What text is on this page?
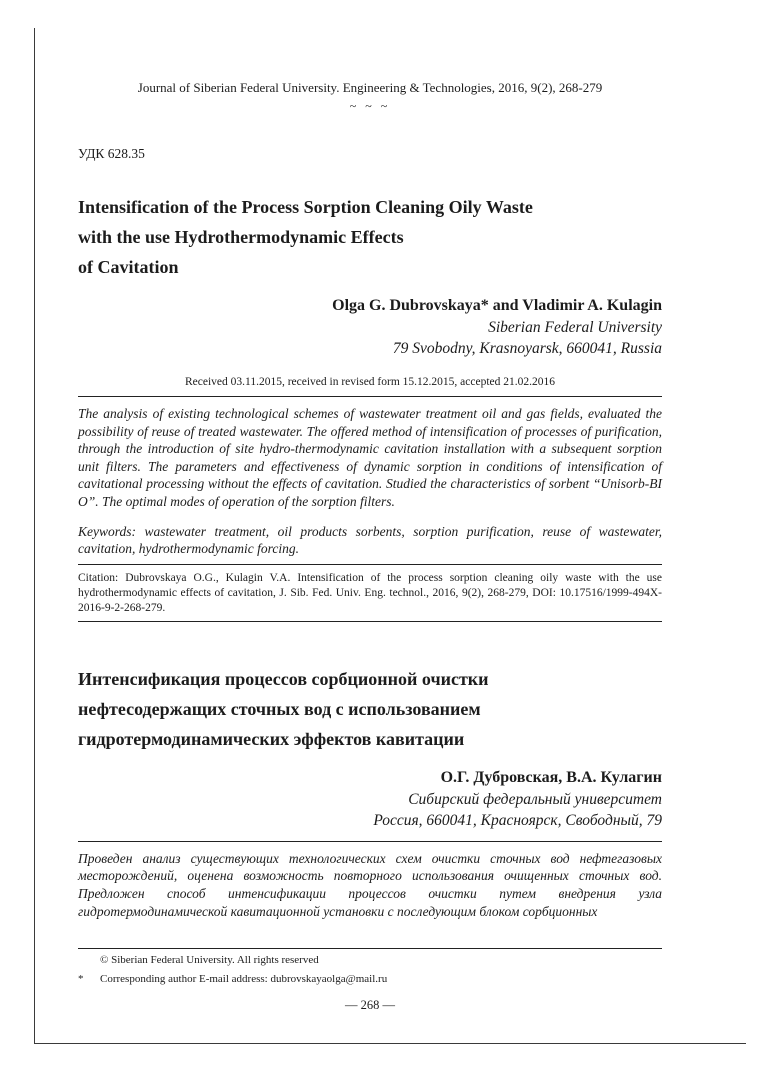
Journal of Siberian Federal University. Engineering & Technologies, 2016, 9(2), 268-279
~ ~ ~
УДК 628.35
Intensification of the Process Sorption Cleaning Oily Waste
with the use Hydrothermodynamic Effects
of Cavitation
Olga G. Dubrovskaya* and Vladimir A. Kulagin
Siberian Federal University
79 Svobodny, Krasnoyarsk, 660041, Russia
Received 03.11.2015, received in revised form 15.12.2015, accepted 21.02.2016
The analysis of existing technological schemes of wastewater treatment oil and gas fields, evaluated the possibility of reuse of treated wastewater. The offered method of intensification of processes of purification, through the introduction of site hydro-thermodynamic cavitation installation with a subsequent sorption unit filters. The parameters and effectiveness of dynamic sorption in conditions of intensification of cavitational processing without the effects of cavitation. Studied the characteristics of sorbent “Unisorb-BI O”. The optimal modes of operation of the sorption filters.
Keywords: wastewater treatment, oil products sorbents, sorption purification, reuse of wastewater, cavitation, hydrothermodynamic forcing.
Citation: Dubrovskaya O.G., Kulagin V.A. Intensification of the process sorption cleaning oily waste with the use hydrothermodynamic effects of cavitation, J. Sib. Fed. Univ. Eng. technol., 2016, 9(2), 268-279, DOI: 10.17516/1999-494X-2016-9-2-268-279.
Интенсификация процессов сорбционной очистки
нефтесодержащих сточных вод с использованием
гидротермодинамических эффектов кавитации
О.Г. Дубровская, В.А. Кулагин
Сибирский федеральный университет
Россия, 660041, Красноярск, Свободный, 79
Проведен анализ существующих технологических схем очистки сточных вод нефтегазовых месторождений, оценена возможность повторного использования очищенных сточных вод. Предложен способ интенсификации процессов очистки путем внедрения узла гидротермодинамической кавитационной установки с последующим блоком сорбционных
© Siberian Federal University. All rights reserved
* Corresponding author E-mail address: dubrovskayaolga@mail.ru
— 268 —
